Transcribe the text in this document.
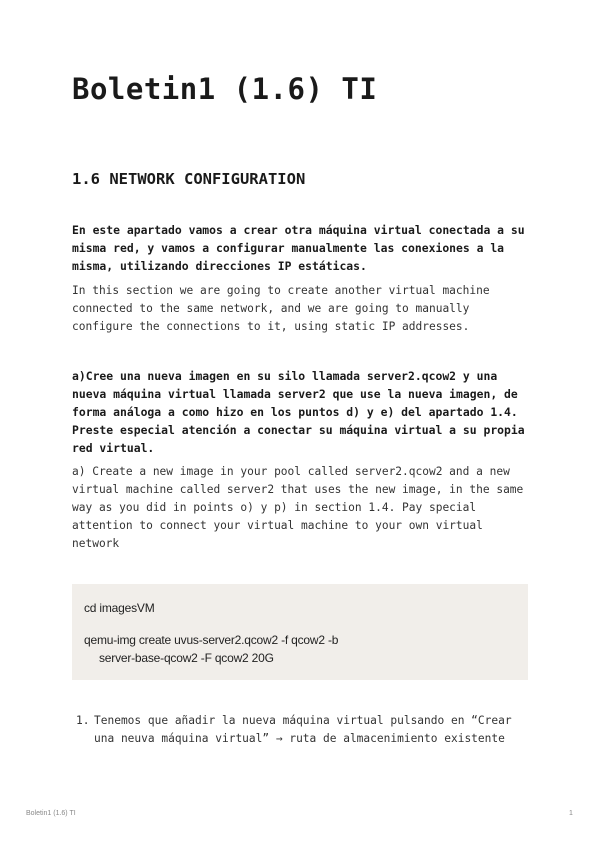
Boletin1 (1.6) TI
1.6 NETWORK CONFIGURATION

En este apartado vamos a crear otra máquina virtual conectada a su misma red, y vamos a configurar manualmente las conexiones a la misma, utilizando direcciones IP estáticas.

In this section we are going to create another virtual machine connected to the same network, and we are going to manually configure the connections to it, using static IP addresses.

a)Cree una nueva imagen en su silo llamada server2.qcow2 y una nueva máquina virtual llamada server2 que use la nueva imagen, de forma análoga a como hizo en los puntos d) y e) del apartado 1.4. Preste especial atención a conectar su máquina virtual a su propia red virtual.

a) Create a new image in your pool called server2.qcow2 and a new virtual machine called server2 that uses the new image, in the same way as you did in points o) y p) in section 1.4. Pay special attention to connect your virtual machine to your own virtual network

cd imagesVM
qemu-img create uvus-server2.qcow2 -f qcow2 -b
server-base-qcow2 -F qcow2 20G
1. Tenemos que añadir la nueva máquina virtual pulsando en “Crear una neuva máquina virtual” → ruta de almacenimiento existente
Boletin1 (1.6) TI	1
